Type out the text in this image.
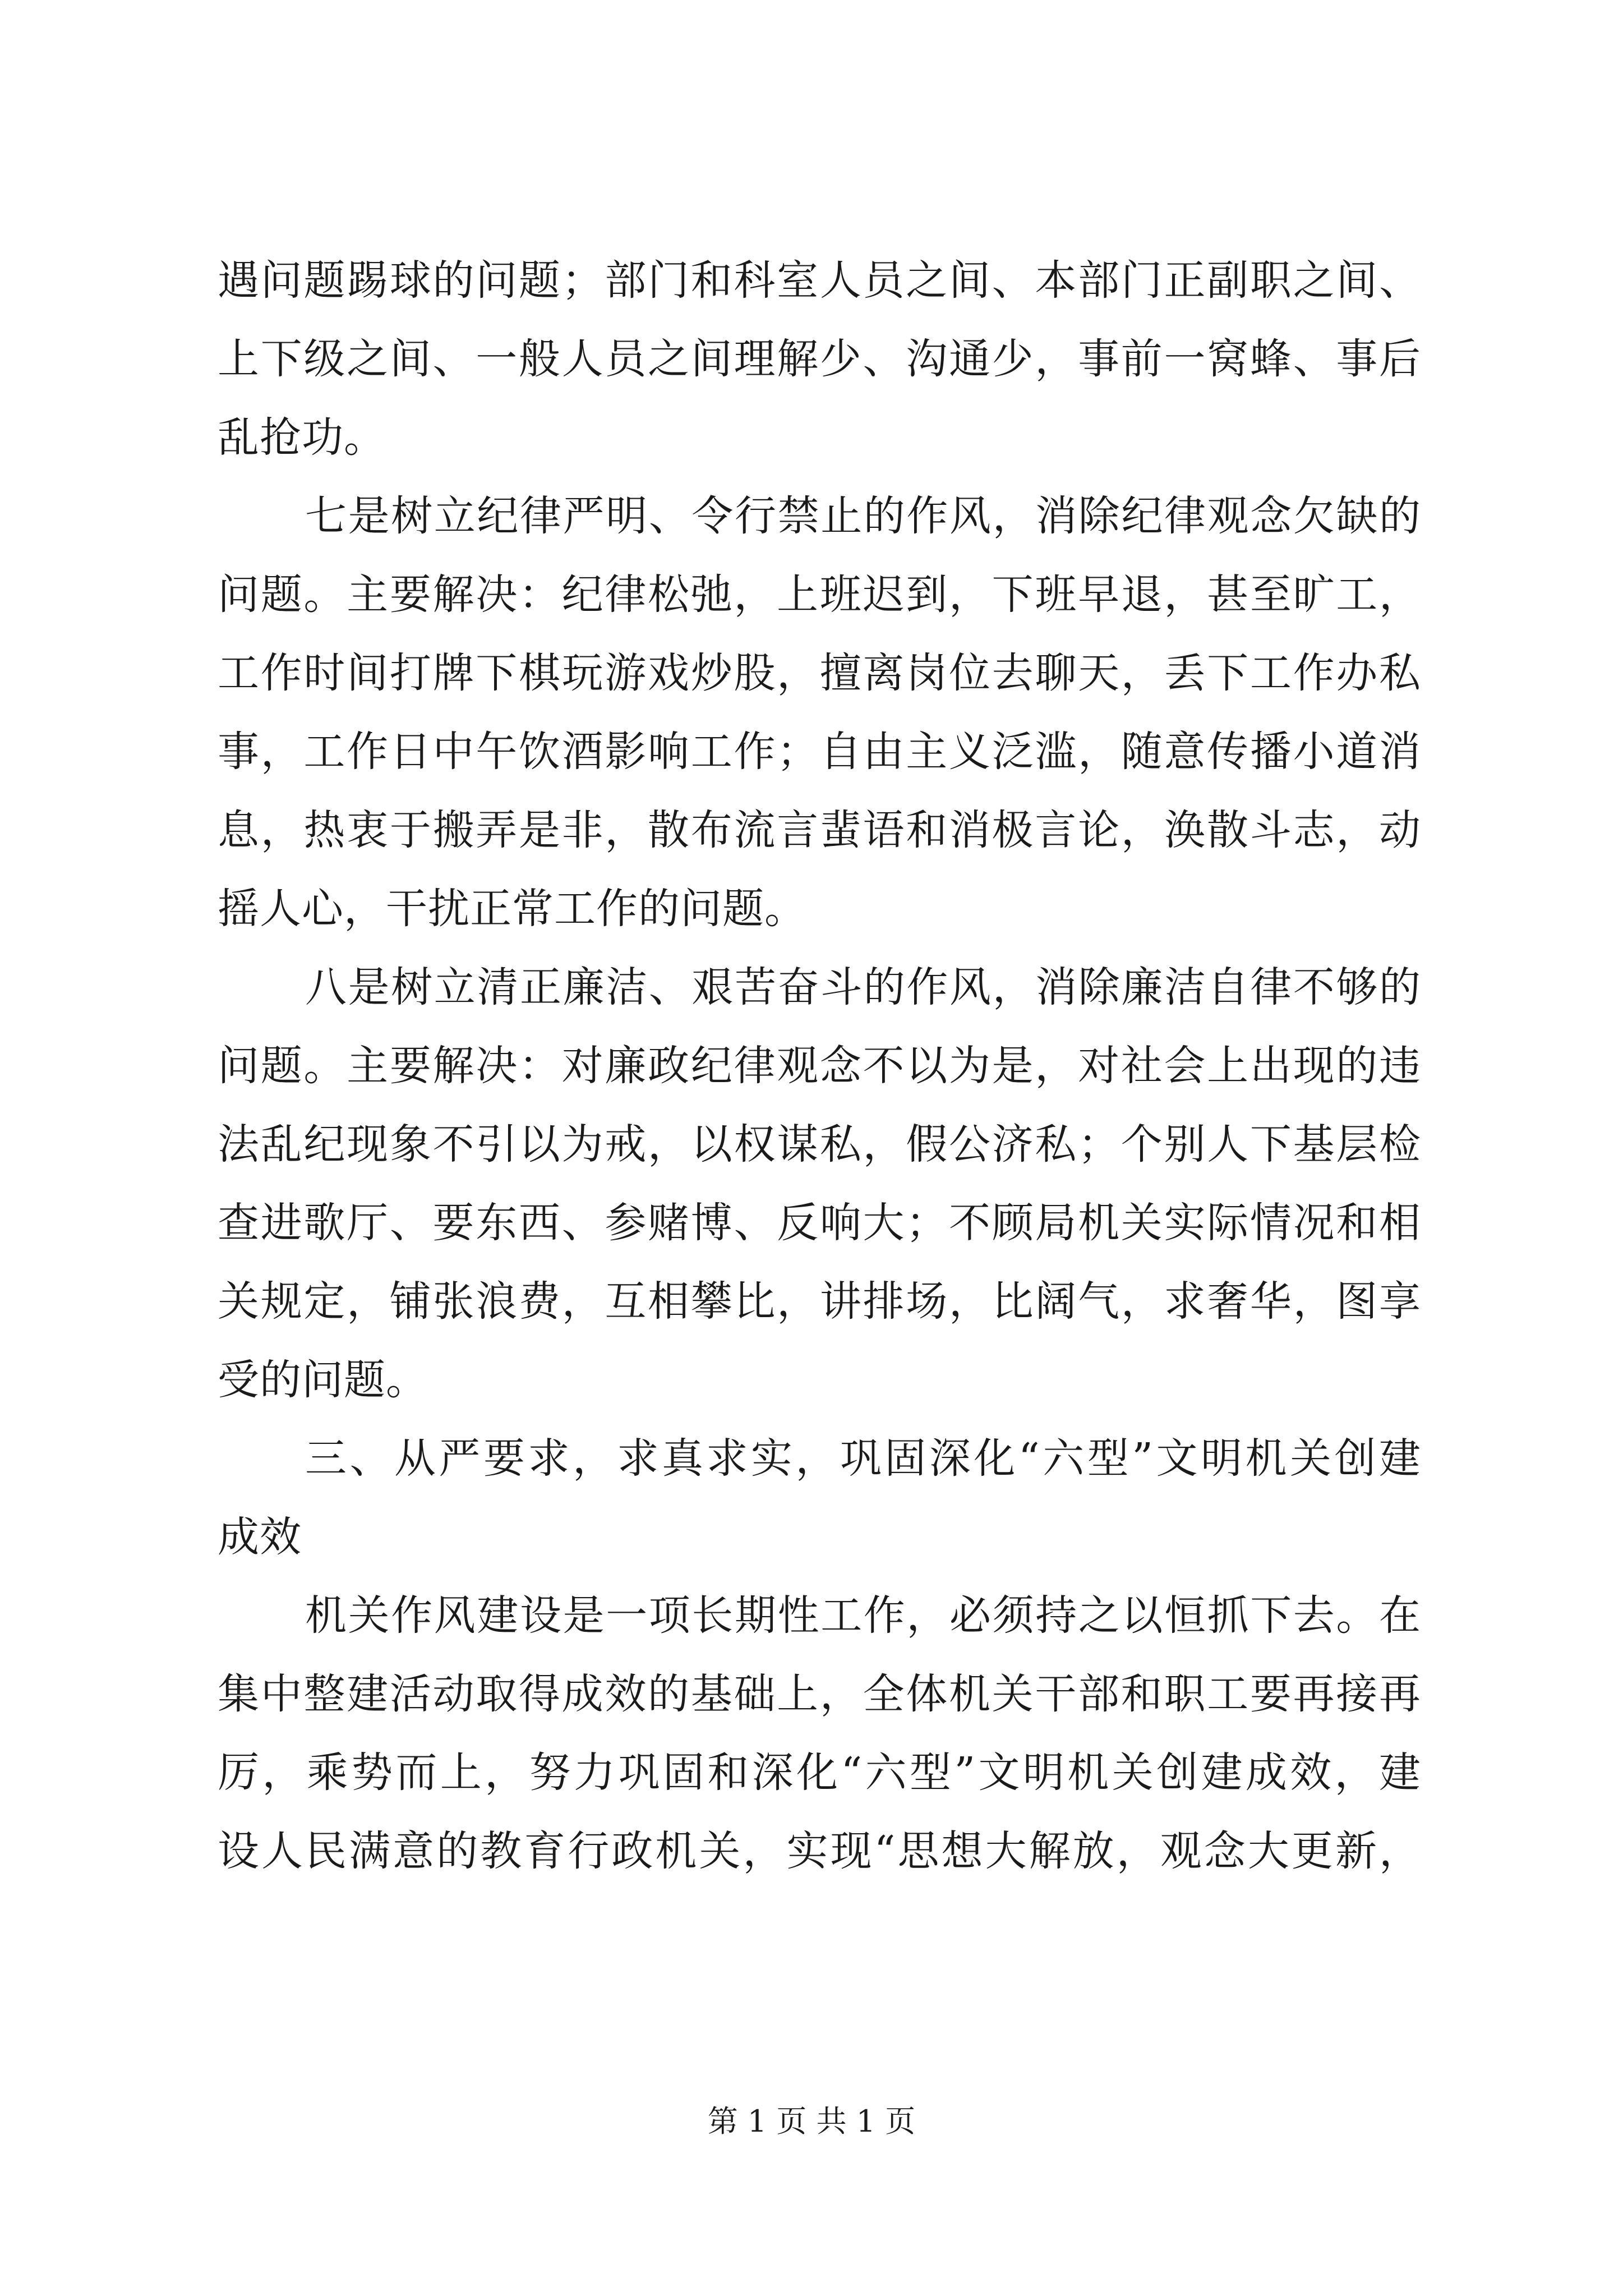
遇问题踢球的问题；部门和科室人员之间、本部门正副职之间、
上下级之间、一般人员之间理解少、沟通少，事前一窝蜂、事后
乱抢功。
七是树立纪律严明、令行禁止的作风，消除纪律观念欠缺的
问题。主要解决：纪律松弛，上班迟到，下班早退，甚至旷工，
工作时间打牌下棋玩游戏炒股，擅离岗位去聊天，丢下工作办私
事，工作日中午饮酒影响工作；自由主义泛滥，随意传播小道消
息，热衷于搬弄是非，散布流言蜚语和消极言论，涣散斗志，动
摇人心，干扰正常工作的问题。
八是树立清正廉洁、艰苦奋斗的作风，消除廉洁自律不够的
问题。主要解决：对廉政纪律观念不以为是，对社会上出现的违
法乱纪现象不引以为戒，以权谋私，假公济私；个别人下基层检
查进歌厅、要东西、参赌博、反响大；不顾局机关实际情况和相
关规定，铺张浪费，互相攀比，讲排场，比阔气，求奢华，图享
受的问题。
三、从严要求，求真求实，巩固深化“六型”文明机关创建
成效
机关作风建设是一项长期性工作，必须持之以恒抓下去。在
集中整建活动取得成效的基础上，全体机关干部和职工要再接再
厉，乘势而上，努力巩固和深化“六型”文明机关创建成效，建
设人民满意的教育行政机关，实现“思想大解放，观念大更新，
第 1 页 共 1 页
